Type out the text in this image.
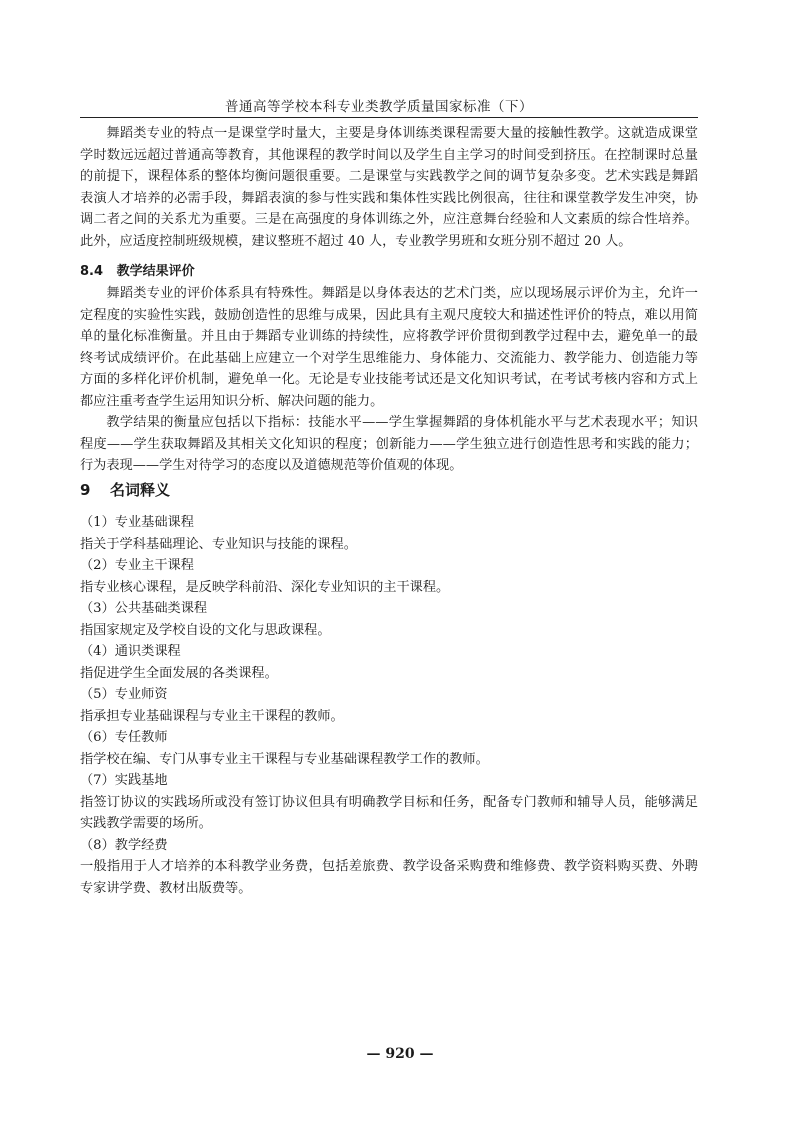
普通高等学校本科专业类教学质量国家标准（下）

舞蹈类专业的特点一是课堂学时量大，主要是身体训练类课程需要大量的接触性教学。这就造成课堂学时数远远超过普通高等教育，其他课程的教学时间以及学生自主学习的时间受到挤压。在控制课时总量的前提下，课程体系的整体均衡问题很重要。二是课堂与实践教学之间的调节复杂多变。艺术实践是舞蹈表演人才培养的必需手段，舞蹈表演的参与性实践和集体性实践比例很高，往往和课堂教学发生冲突，协调二者之间的关系尤为重要。三是在高强度的身体训练之外，应注意舞台经验和人文素质的综合性培养。此外，应适度控制班级规模，建议整班不超过 40 人，专业教学男班和女班分别不超过 20 人。

8.4 教学结果评价

舞蹈类专业的评价体系具有特殊性。舞蹈是以身体表达的艺术门类，应以现场展示评价为主，允许一定程度的实验性实践，鼓励创造性的思维与成果，因此具有主观尺度较大和描述性评价的特点，难以用简单的量化标准衡量。并且由于舞蹈专业训练的持续性，应将教学评价贯彻到教学过程中去，避免单一的最终考试成绩评价。在此基础上应建立一个对学生思维能力、身体能力、交流能力、教学能力、创造能力等方面的多样化评价机制，避免单一化。无论是专业技能考试还是文化知识考试，在考试考核内容和方式上都应注重考查学生运用知识分析、解决问题的能力。

教学结果的衡量应包括以下指标：技能水平——学生掌握舞蹈的身体机能水平与艺术表现水平；知识程度——学生获取舞蹈及其相关文化知识的程度；创新能力——学生独立进行创造性思考和实践的能力；行为表现——学生对待学习的态度以及道德规范等价值观的体现。

9 名词释义

（1）专业基础课程

指关于学科基础理论、专业知识与技能的课程。

（2）专业主干课程

指专业核心课程，是反映学科前沿、深化专业知识的主干课程。

（3）公共基础类课程

指国家规定及学校自设的文化与思政课程。

（4）通识类课程

指促进学生全面发展的各类课程。

（5）专业师资

指承担专业基础课程与专业主干课程的教师。

（6）专任教师

指学校在编、专门从事专业主干课程与专业基础课程教学工作的教师。

（7）实践基地

指签订协议的实践场所或没有签订协议但具有明确教学目标和任务，配备专门教师和辅导人员，能够满足实践教学需要的场所。

（8）教学经费

一般指用于人才培养的本科教学业务费，包括差旅费、教学设备采购费和维修费、教学资料购买费、外聘专家讲学费、教材出版费等。

— 920 —
